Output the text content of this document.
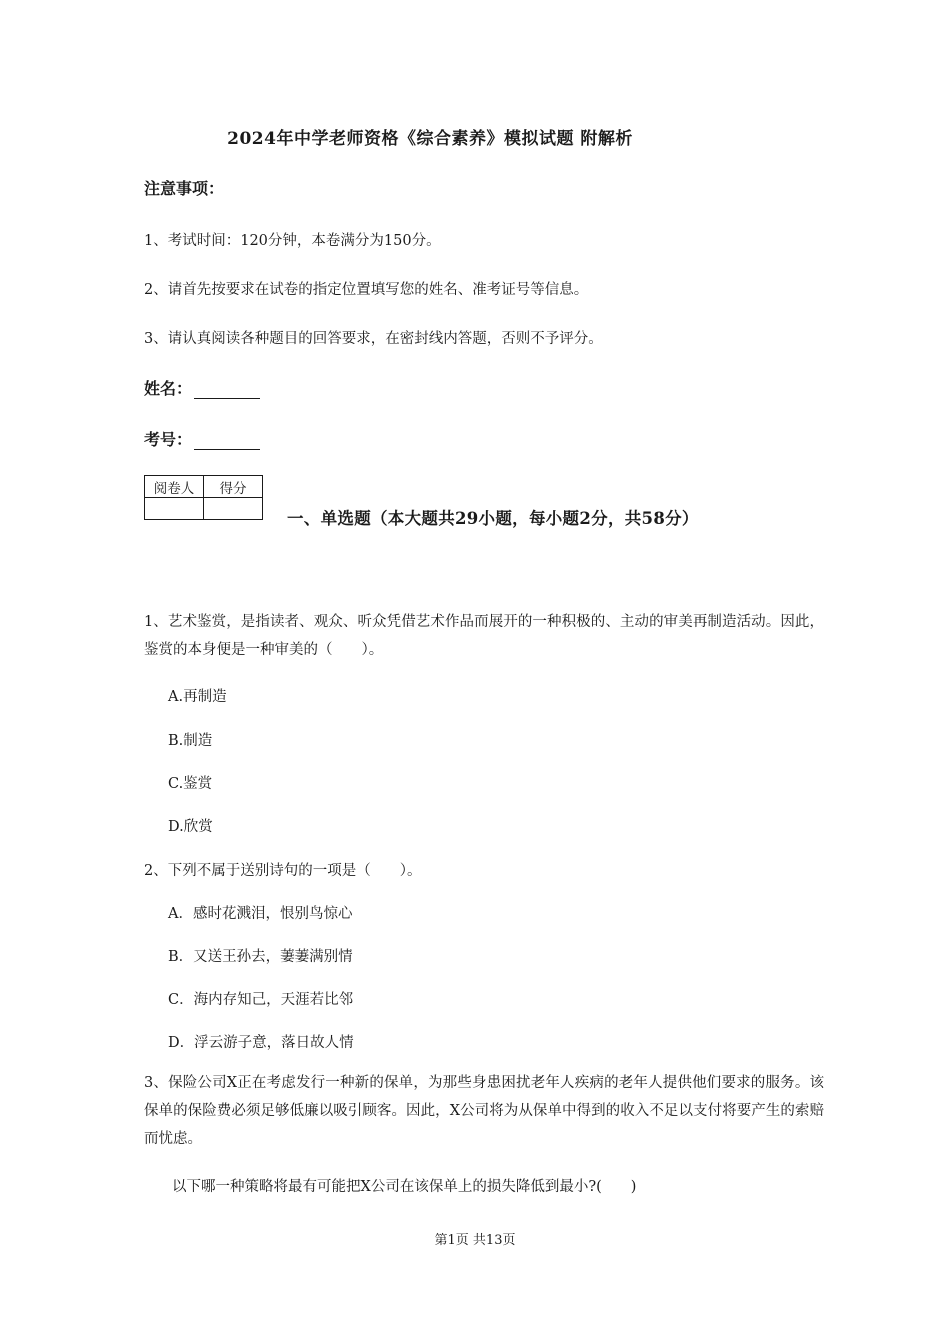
2024年中学老师资格《综合素养》模拟试题 附解析
注意事项：
1、考试时间：120分钟，本卷满分为150分。
2、请首先按要求在试卷的指定位置填写您的姓名、准考证号等信息。
3、请认真阅读各种题目的回答要求，在密封线内答题，否则不予评分。
姓名：
考号：
阅卷人	得分

一、单选题（本大题共29小题，每小题2分，共58分）
1、艺术鉴赏，是指读者、观众、听众凭借艺术作品而展开的一种积极的、主动的审美再制造活动。因此，鉴赏的本身便是一种审美的（　　）。
A.再制造
B.制造
C.鉴赏
D.欣赏
2、下列不属于送别诗句的一项是（　　）。
A．感时花溅泪，恨别鸟惊心
B．又送王孙去，萋萋满别情
C．海内存知己，天涯若比邻
D．浮云游子意，落日故人情
3、保险公司X正在考虑发行一种新的保单，为那些身患困扰老年人疾病的老年人提供他们要求的服务。该保单的保险费必须足够低廉以吸引顾客。因此，X公司将为从保单中得到的收入不足以支付将要产生的索赔而忧虑。
以下哪一种策略将最有可能把X公司在该保单上的损失降低到最小?(　　)
第1页 共13页
